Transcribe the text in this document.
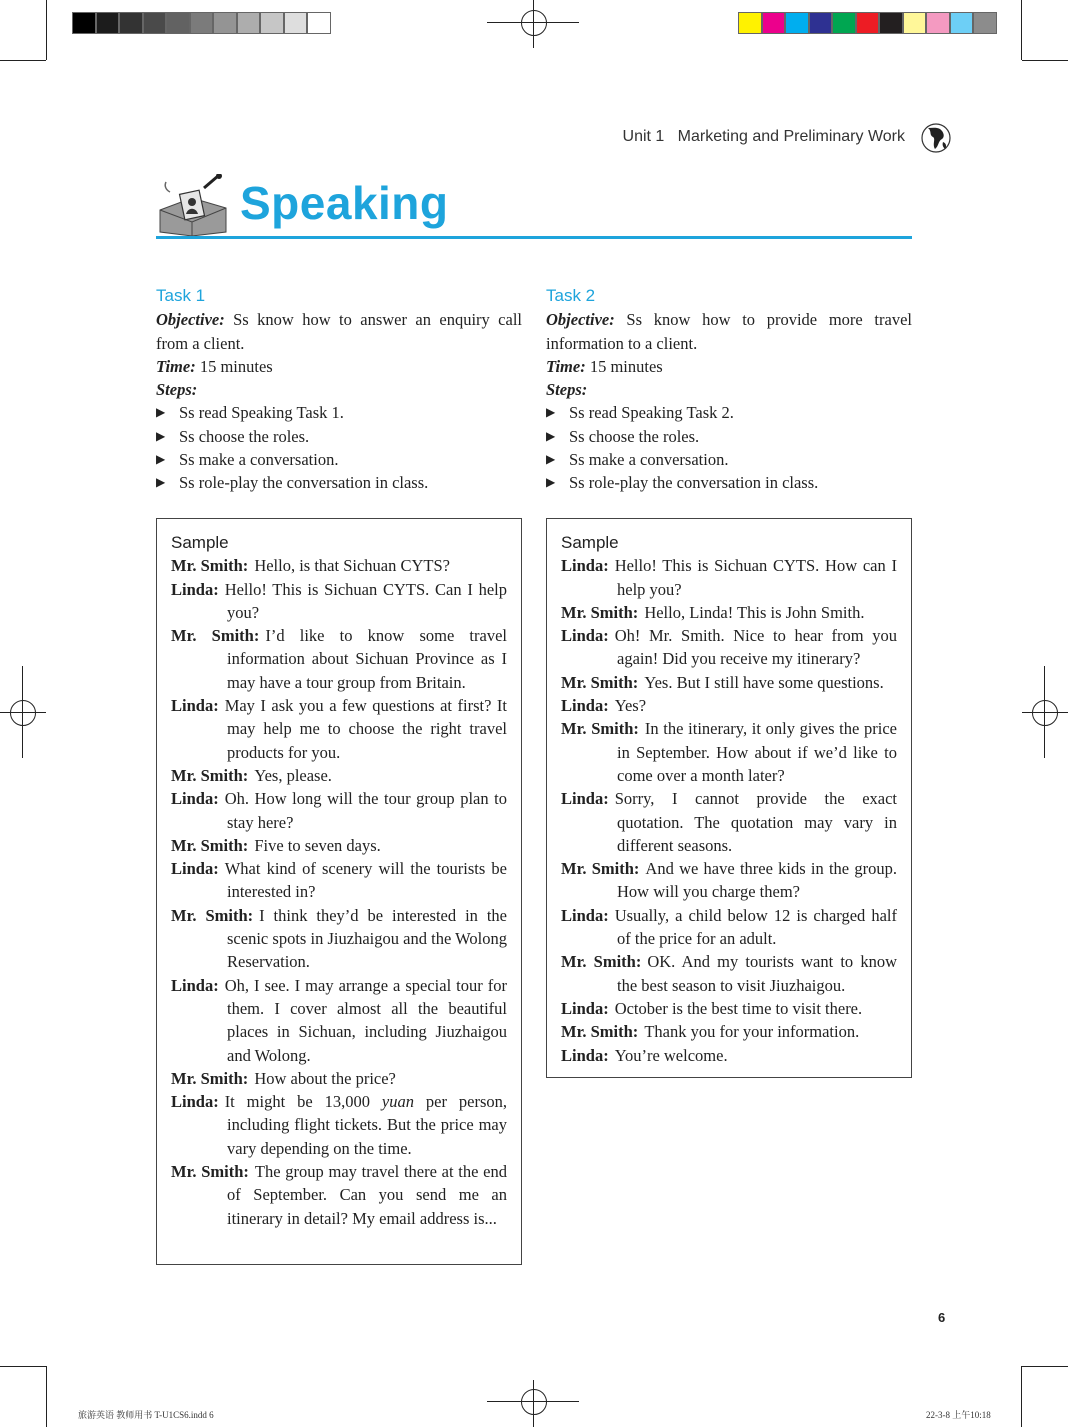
Unit 1 Marketing and Preliminary Work
Speaking
Task 1

Objective: Ss know how to answer an enquiry call from a client.

Time: 15 minutes

Steps:

▶ Ss read Speaking Task 1.
▶ Ss choose the roles.
▶ Ss make a conversation.
▶ Ss role-play the conversation in class.
Task 2

Objective: Ss know how to provide more travel information to a client.

Time: 15 minutes

Steps:

▶ Ss read Speaking Task 2.
▶ Ss choose the roles.
▶ Ss make a conversation.
▶ Ss role-play the conversation in class.
Sample
Mr. Smith: Hello, is that Sichuan CYTS?
Linda: Hello! This is Sichuan CYTS. Can I help you?
Mr. Smith: I’d like to know some travel information about Sichuan Province as I may have a tour group from Britain.
Linda: May I ask you a few questions at first? It may help me to choose the right travel products for you.
Mr. Smith: Yes, please.
Linda: Oh. How long will the tour group plan to stay here?
Mr. Smith: Five to seven days.
Linda: What kind of scenery will the tourists be interested in?
Mr. Smith: I think they’d be interested in the scenic spots in Jiuzhaigou and the Wolong Reservation.
Linda: Oh, I see. I may arrange a special tour for them. I cover almost all the beautiful places in Sichuan, including Jiuzhaigou and Wolong.
Mr. Smith: How about the price?
Linda: It might be 13,000 yuan per person, including flight tickets. But the price may vary depending on the time.
Mr. Smith: The group may travel there at the end of September. Can you send me an itinerary in detail? My email address is...
Sample
Linda: Hello! This is Sichuan CYTS. How can I help you?
Mr. Smith: Hello, Linda! This is John Smith.
Linda: Oh! Mr. Smith. Nice to hear from you again! Did you receive my itinerary?
Mr. Smith: Yes. But I still have some questions.
Linda: Yes?
Mr. Smith: In the itinerary, it only gives the price in September. How about if we’d like to come over a month later?
Linda: Sorry, I cannot provide the exact quotation. The quotation may vary in different seasons.
Mr. Smith: And we have three kids in the group. How will you charge them?
Linda: Usually, a child below 12 is charged half of the price for an adult.
Mr. Smith: OK. And my tourists want to know the best season to visit Jiuzhaigou.
Linda: October is the best time to visit there.
Mr. Smith: Thank you for your information.
Linda: You’re welcome.
6
旅游英语 教师用书 T-U1CS6.indd 6	22-3-8 上午10:18
